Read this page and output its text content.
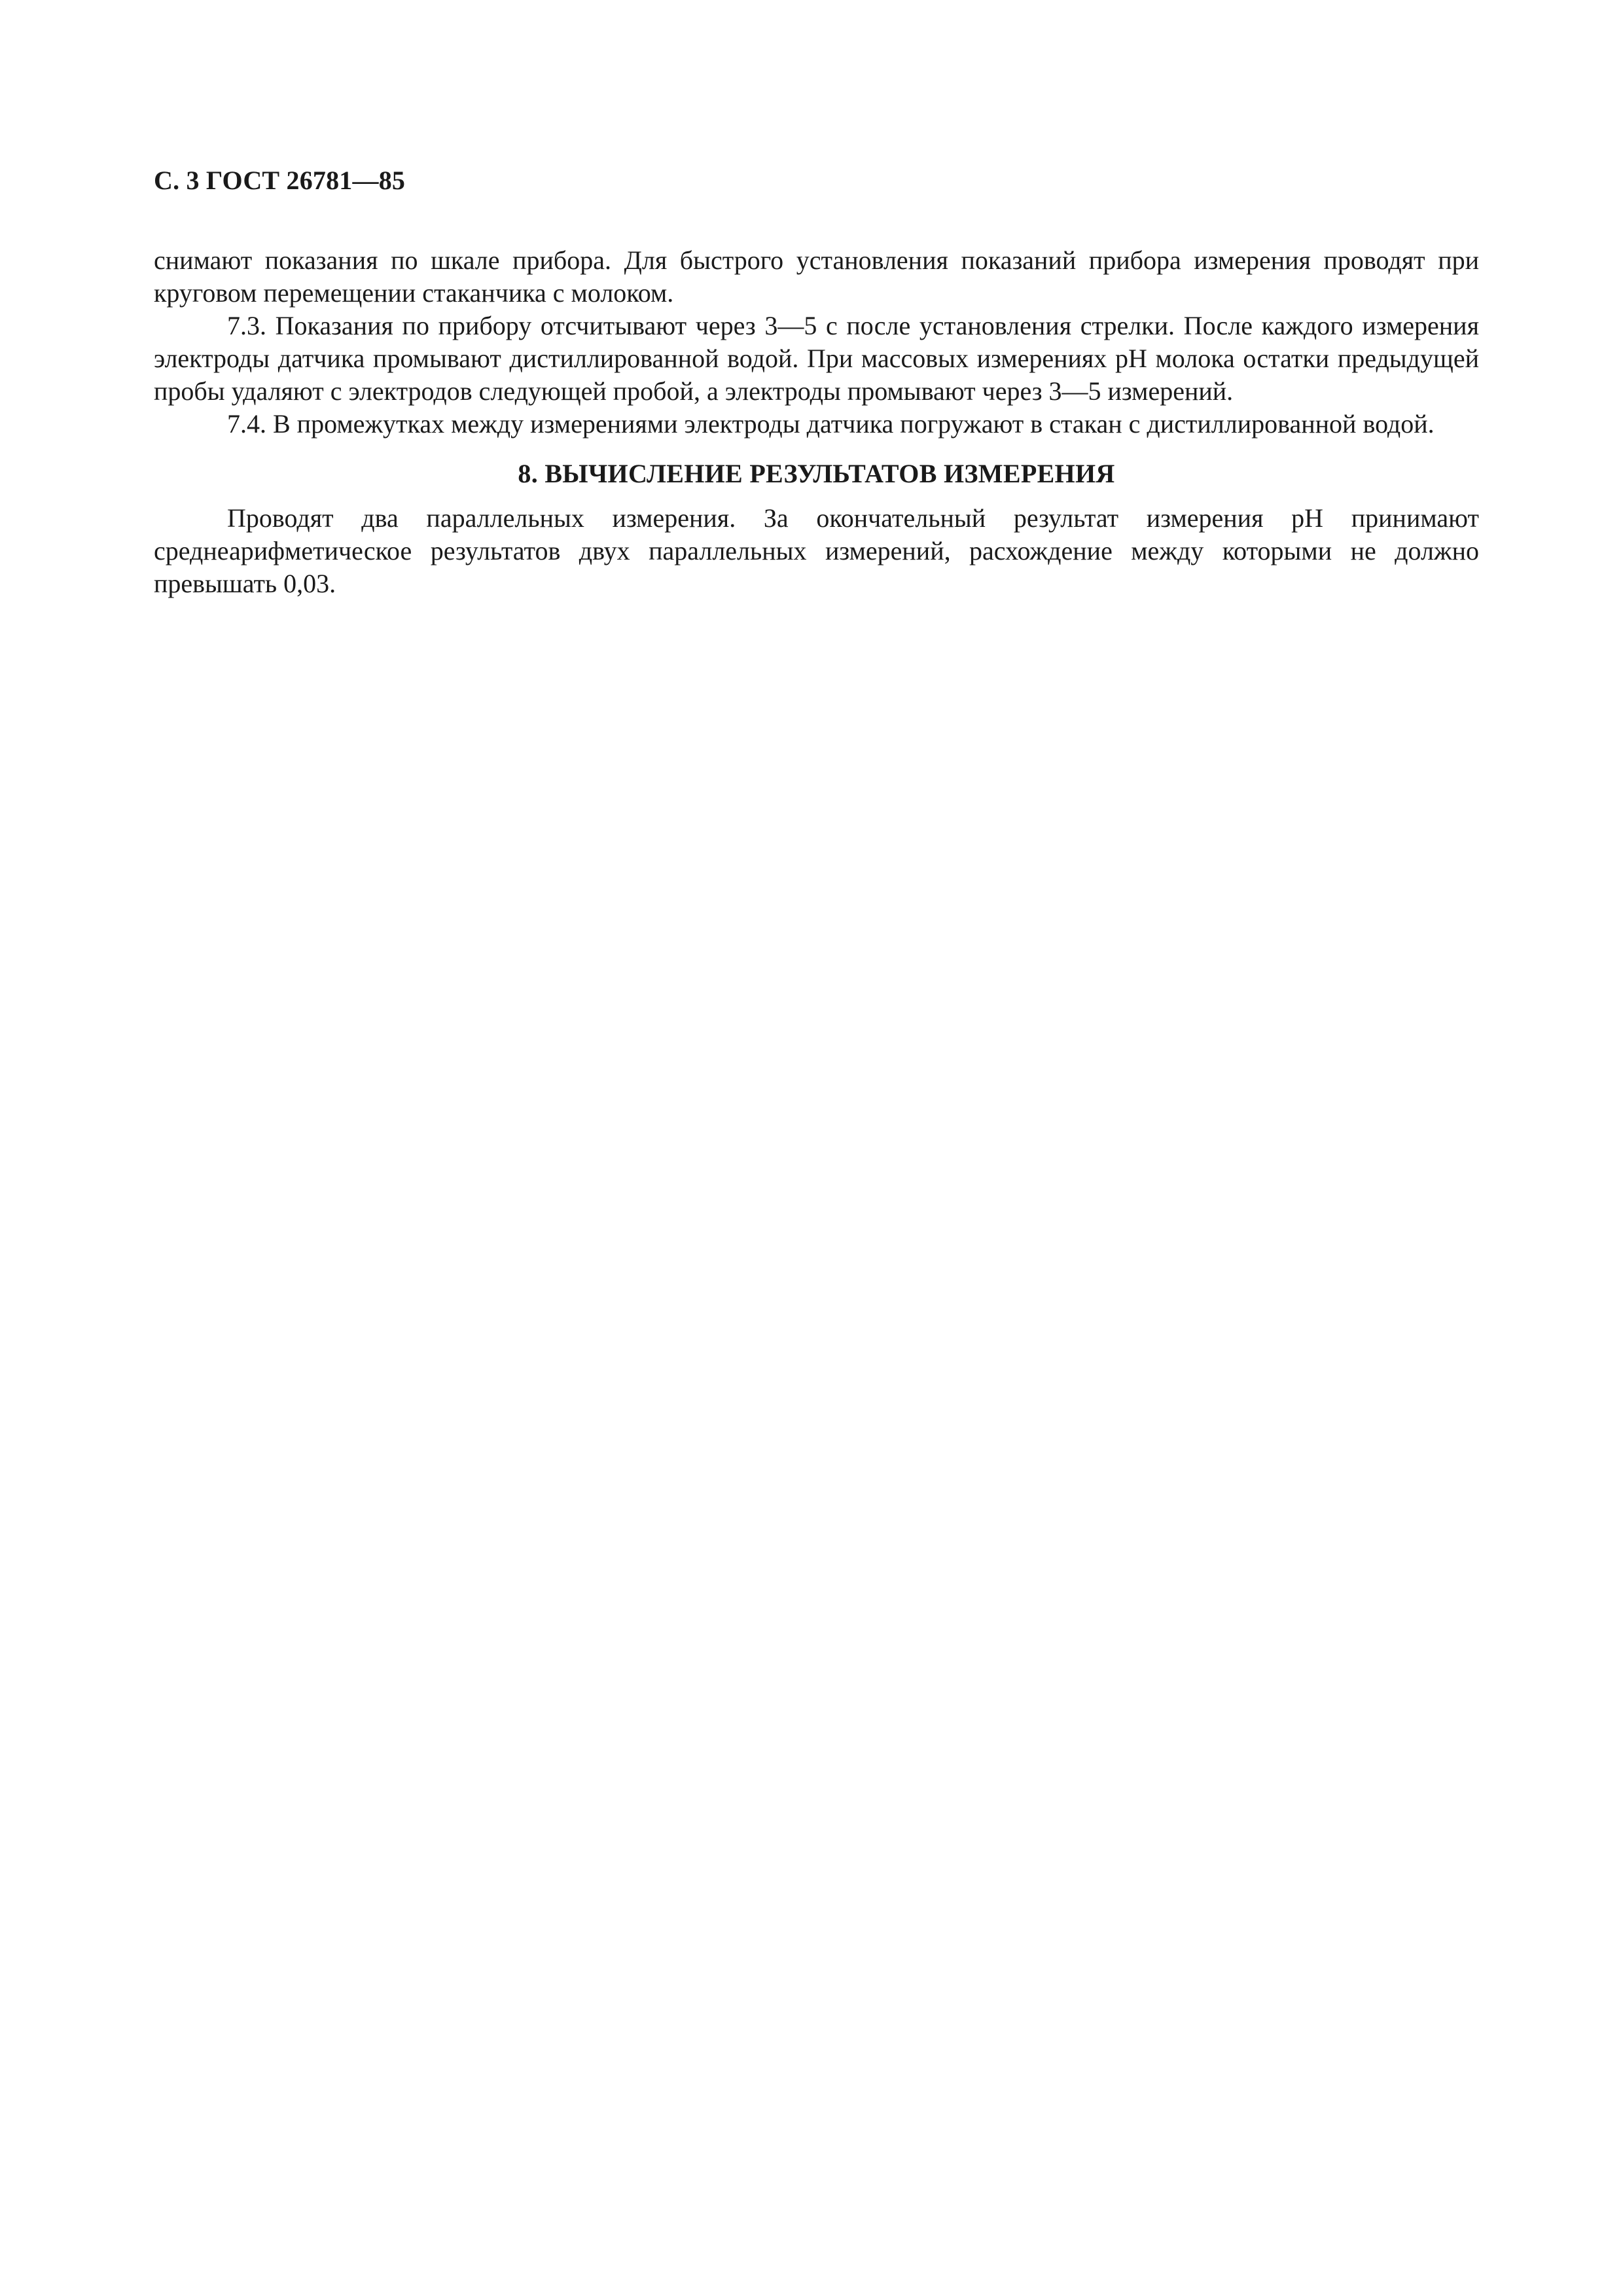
С. 3 ГОСТ 26781—85

снимают показания по шкале прибора. Для быстрого установления показаний прибора измерения проводят при круговом перемещении стаканчика с молоком.

7.3. Показания по прибору отсчитывают через 3—5 с после установления стрелки. После каждого измерения электроды датчика промывают дистиллированной водой. При массовых измерениях pH молока остатки предыдущей пробы удаляют с электродов следующей пробой, а электроды промывают через 3—5 измерений.

7.4. В промежутках между измерениями электроды датчика погружают в стакан с дистиллированной водой.

8. ВЫЧИСЛЕНИЕ РЕЗУЛЬТАТОВ ИЗМЕРЕНИЯ

Проводят два параллельных измерения. За окончательный результат измерения pH принимают среднеарифметическое результатов двух параллельных измерений, расхождение между которыми не должно превышать 0,03.
